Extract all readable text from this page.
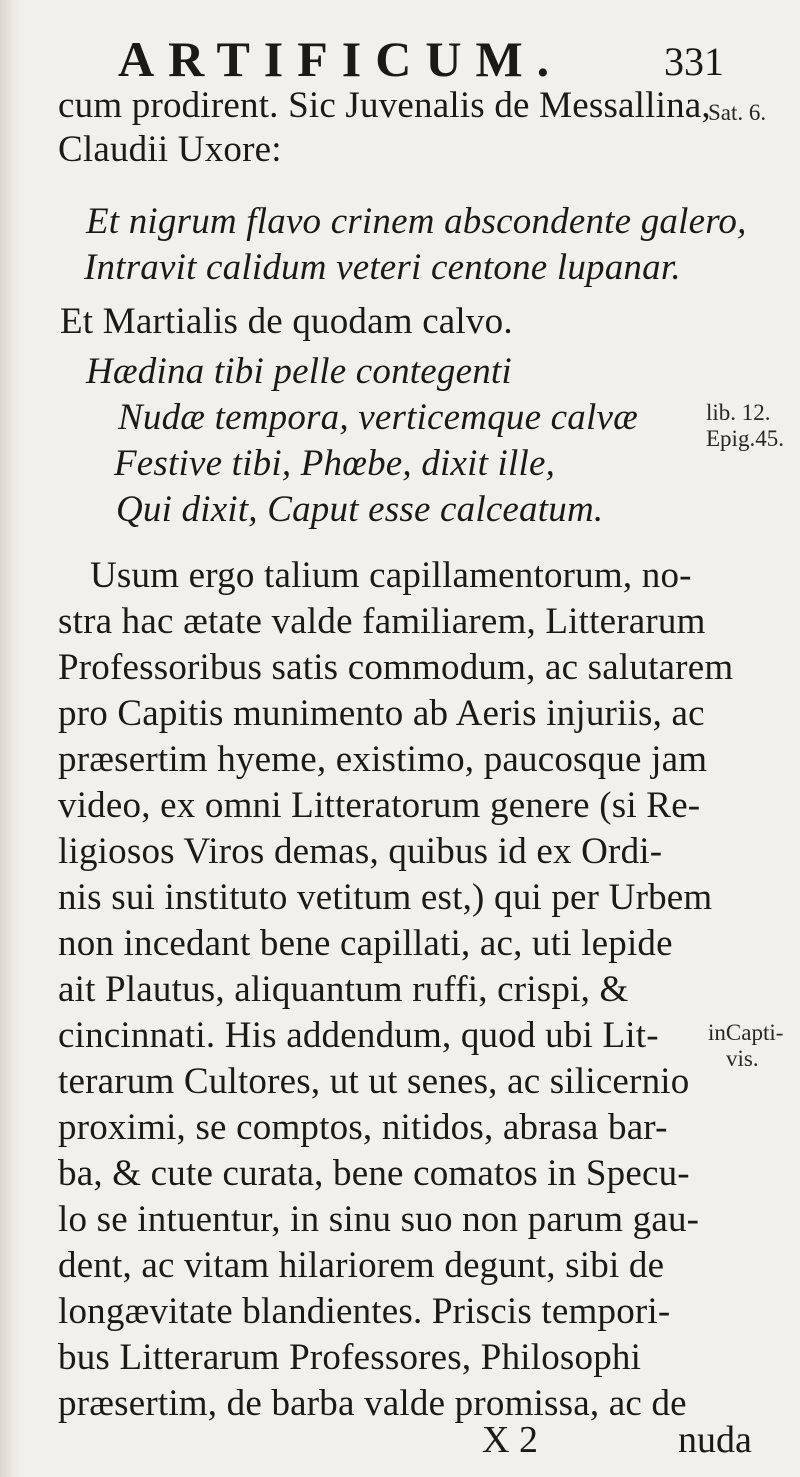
ARTIFICUM.	331
cum prodirent. Sic Juvenalis de Messallina,
Claudii Uxore:
Et nigrum flavo crinem abscondente galero,
Intravit calidum veteri centone lupanar.
Et Martialis de quodam calvo.
Hædina tibi pelle contegenti
Nudæ tempora, verticemque calvæ
Festive tibi, Phœbe, dixit ille,
Qui dixit, Caput esse calceatum.
Usum ergo talium capillamentorum, no-
stra hac ætate valde familiarem, Litterarum
Professoribus satis commodum, ac salutarem
pro Capitis munimento ab Aeris injuriis, ac
præsertim hyeme, existimo, paucosque jam
video, ex omni Litteratorum genere (si Re-
ligiosos Viros demas, quibus id ex Ordi-
nis sui instituto vetitum est,) qui per Urbem
non incedant bene capillati, ac, uti lepide
ait Plautus, aliquantum ruffi, crispi, &
cincinnati. His addendum, quod ubi Lit-
terarum Cultores, ut ut senes, ac silicernio
proximi, se comptos, nitidos, abrasa bar-
ba, & cute curata, bene comatos in Specu-
lo se intuentur, in sinu suo non parum gau-
dent, ac vitam hilariorem degunt, sibi de
longævitate blandientes. Priscis tempori-
bus Litterarum Professores, Philosophi
præsertim, de barba valde promissa, ac de
Sat. 6.
lib. 12.
Epig.45.
inCapti-
vis.
X 2	nuda
